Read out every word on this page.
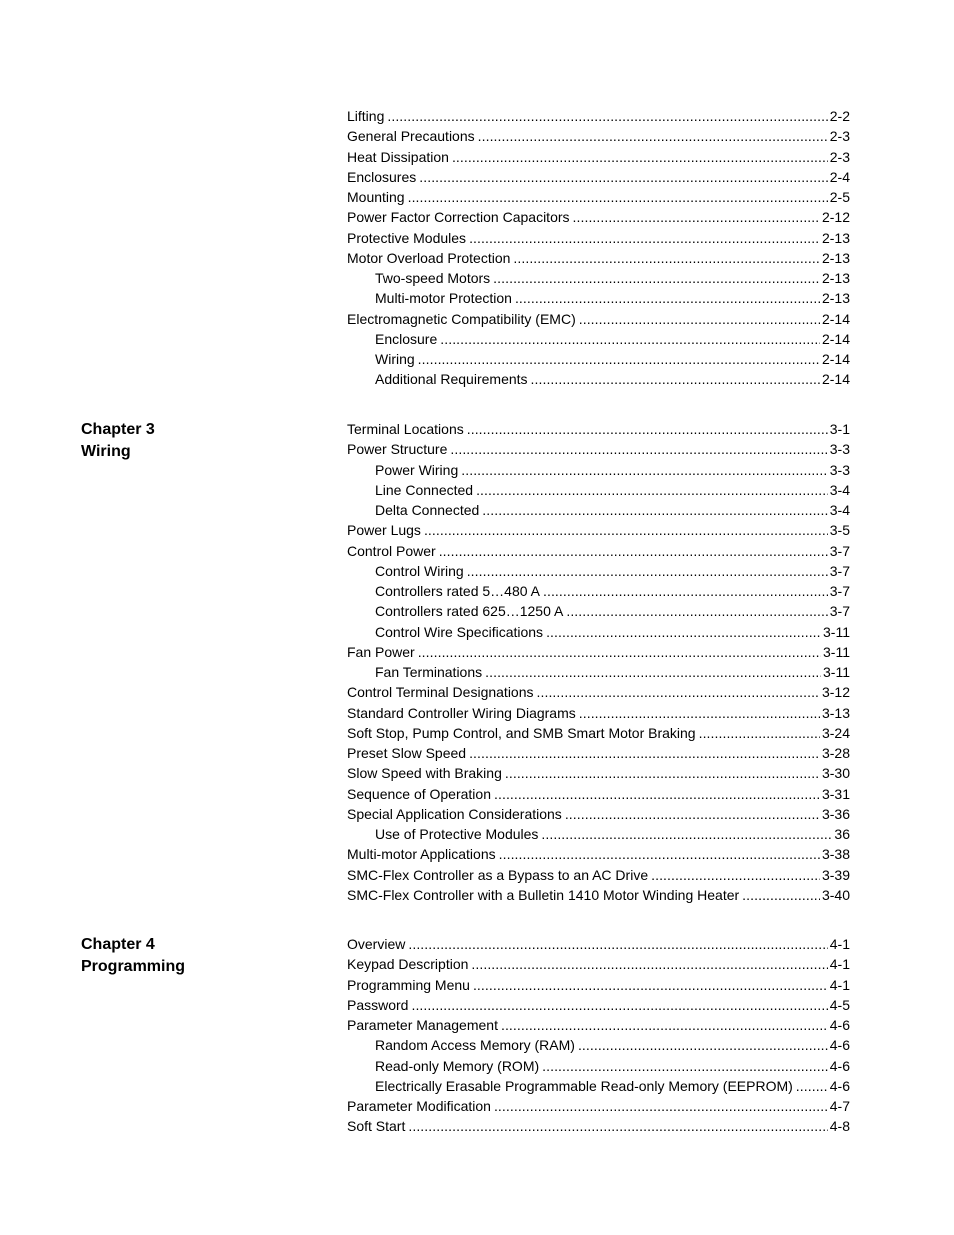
Lifting . . .	2-2
General Precautions . . .	2-3
Heat Dissipation . . .	2-3
Enclosures . . .	2-4
Mounting . . .	2-5
Power Factor Correction Capacitors . . .	2-12
Protective Modules . . .	2-13
Motor Overload Protection . . .	2-13
Two-speed Motors . . .	2-13
Multi-motor Protection . . .	2-13
Electromagnetic Compatibility (EMC) . . .	2-14
Enclosure . . .	2-14
Wiring . . .	2-14
Additional Requirements . . .	2-14
Chapter 3
Wiring
Terminal Locations . . .	3-1
Power Structure . . .	3-3
Power Wiring . . .	3-3
Line Connected . . .	3-4
Delta Connected . . .	3-4
Power Lugs . . .	3-5
Control Power . . .	3-7
Control Wiring . . .	3-7
Controllers rated 5…480 A . . .	3-7
Controllers rated 625…1250 A . . .	3-7
Control Wire Specifications . . .	3-11
Fan Power . . .	3-11
Fan Terminations . . .	3-11
Control Terminal Designations . . .	3-12
Standard Controller Wiring Diagrams . . .	3-13
Soft Stop, Pump Control, and SMB Smart Motor Braking . . .	3-24
Preset Slow Speed . . .	3-28
Slow Speed with Braking . . .	3-30
Sequence of Operation . . .	3-31
Special Application Considerations . . .	3-36
Use of Protective Modules . . .	36
Multi-motor Applications . . .	3-38
SMC-Flex Controller as a Bypass to an AC Drive . . .	3-39
SMC-Flex Controller with a Bulletin 1410 Motor Winding Heater . . .	3-40
Chapter 4
Programming
Overview . . .	4-1
Keypad Description . . .	4-1
Programming Menu . . .	4-1
Password . . .	4-5
Parameter Management . . .	4-6
Random Access Memory (RAM) . . .	4-6
Read-only Memory (ROM) . . .	4-6
Electrically Erasable Programmable Read-only Memory (EEPROM) . . .	4-6
Parameter Modification . . .	4-7
Soft Start . . .	4-8
